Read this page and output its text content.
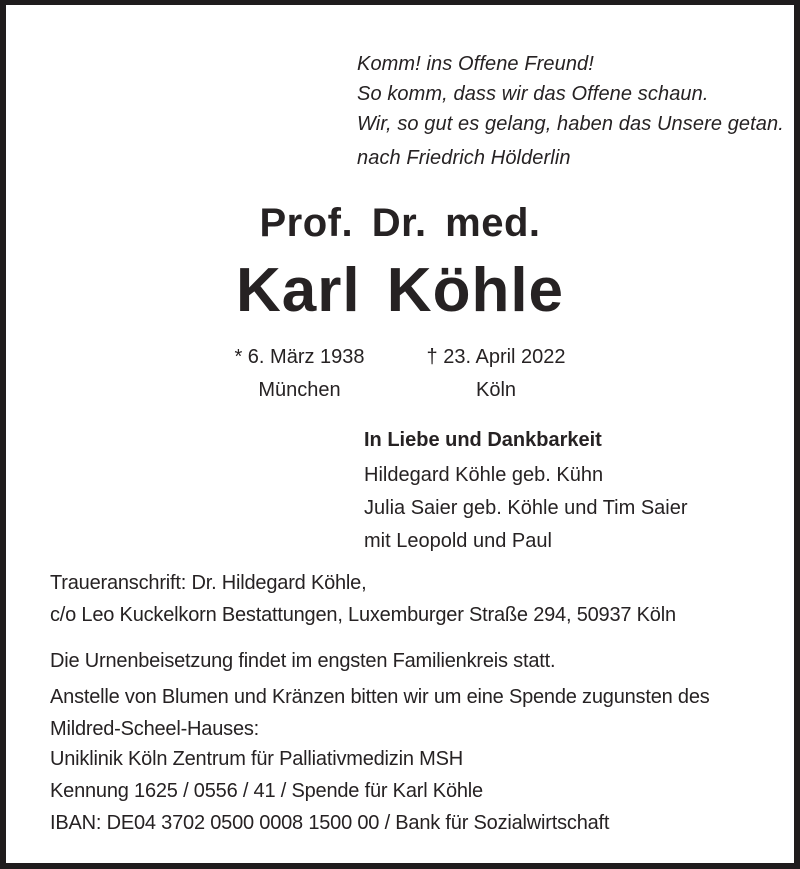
Komm! ins Offene Freund!
So komm, dass wir das Offene schaun.
Wir, so gut es gelang, haben das Unsere getan.
nach Friedrich Hölderlin
Prof. Dr. med.
Karl Köhle
* 6. März 1938
München
† 23. April 2022
Köln
In Liebe und Dankbarkeit
Hildegard Köhle geb. Kühn
Julia Saier geb. Köhle und Tim Saier
mit Leopold und Paul
Traueranschrift: Dr. Hildegard Köhle,
c/o Leo Kuckelkorn Bestattungen, Luxemburger Straße 294, 50937 Köln
Die Urnenbeisetzung findet im engsten Familienkreis statt.
Anstelle von Blumen und Kränzen bitten wir um eine Spende zugunsten des
Mildred-Scheel-Hauses:
Uniklinik Köln Zentrum für Palliativmedizin MSH
Kennung 1625 / 0556 / 41 / Spende für Karl Köhle
IBAN: DE04 3702 0500 0008 1500 00 / Bank für Sozialwirtschaft
